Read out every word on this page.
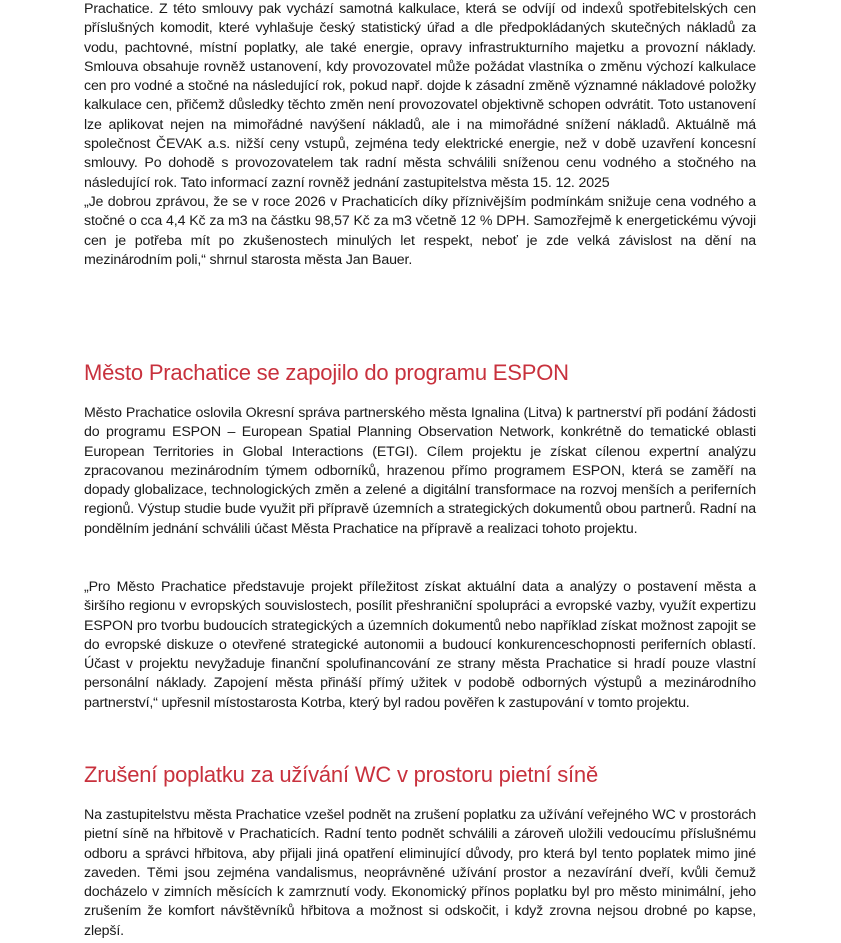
Prachatice. Z této smlouvy pak vychází samotná kalkulace, která se odvíjí od indexů spotřebitelských cen příslušných komodit, které vyhlašuje český statistický úřad a dle předpokládaných skutečných nákladů za vodu, pachtovné, místní poplatky, ale také energie, opravy infrastrukturního majetku a provozní náklady. Smlouva obsahuje rovněž ustanovení, kdy provozovatel může požádat vlastníka o změnu výchozí kalkulace cen pro vodné a stočné na následující rok, pokud např. dojde k zásadní změně významné nákladové položky kalkulace cen, přičemž důsledky těchto změn není provozovatel objektivně schopen odvrátit. Toto ustanovení lze aplikovat nejen na mimořádné navýšení nákladů, ale i na mimořádné snížení nákladů. Aktuálně má společnost ČEVAK a.s. nižší ceny vstupů, zejména tedy elektrické energie, než v době uzavření koncesní smlouvy. Po dohodě s provozovatelem tak radní města schválili sníženou cenu vodného a stočného na následující rok. Tato informací zazní rovněž jednání zastupitelstva města 15. 12. 2025

„Je dobrou zprávou, že se v roce 2026 v Prachaticích díky příznivějším podmínkám snižuje cena vodného a stočné o cca 4,4 Kč za m3 na částku 98,57 Kč za m3 včetně 12 % DPH. Samozřejmě k energetickému vývoji cen je potřeba mít po zkušenostech minulých let respekt, neboť je zde velká závislost na dění na mezinárodním poli,“ shrnul starosta města Jan Bauer.

Město Prachatice se zapojilo do programu ESPON

Město Prachatice oslovila Okresní správa partnerského města Ignalina (Litva) k partnerství při podání žádosti do programu ESPON – European Spatial Planning Observation Network, konkrétně do tematické oblasti European Territories in Global Interactions (ETGI). Cílem projektu je získat cílenou expertní analýzu zpracovanou mezinárodním týmem odborníků, hrazenou přímo programem ESPON, která se zaměří na dopady globalizace, technologických změn a zelené a digitální transformace na rozvoj menších a periferních regionů. Výstup studie bude využit při přípravě územních a strategických dokumentů obou partnerů. Radní na pondělním jednání schválili účast Města Prachatice na přípravě a realizaci tohoto projektu.

„Pro Město Prachatice představuje projekt příležitost získat aktuální data a analýzy o postavení města a širšího regionu v evropských souvislostech, posílit přeshraniční spolupráci a evropské vazby, využít expertizu ESPON pro tvorbu budoucích strategických a územních dokumentů nebo například získat možnost zapojit se do evropské diskuze o otevřené strategické autonomii a budoucí konkurenceschopnosti periferních oblastí. Účast v projektu nevyžaduje finanční spolufinancování ze strany města Prachatice si hradí pouze vlastní personální náklady. Zapojení města přináší přímý užitek v podobě odborných výstupů a mezinárodního partnerství,“ upřesnil místostarosta Kotrba, který byl radou pověřen k zastupování v tomto projektu.

Zrušení poplatku za užívání WC v prostoru pietní síně

Na zastupitelstvu města Prachatice vzešel podnět na zrušení poplatku za užívání veřejného WC v prostorách pietní síně na hřbitově v Prachaticích. Radní tento podnět schválili a zároveň uložili vedoucímu příslušnému odboru a správci hřbitova, aby přijali jiná opatření eliminující důvody, pro která byl tento poplatek mimo jiné zaveden. Těmi jsou zejména vandalismus, neoprávněné užívání prostor a nezavírání dveří, kvůli čemuž docházelo v zimních měsících k zamrznutí vody. Ekonomický přínos poplatku byl pro město minimální, jeho zrušením že komfort návštěvníků hřbitova a možnost si odskočit, i když zrovna nejsou drobné po kapse, zlepší.
